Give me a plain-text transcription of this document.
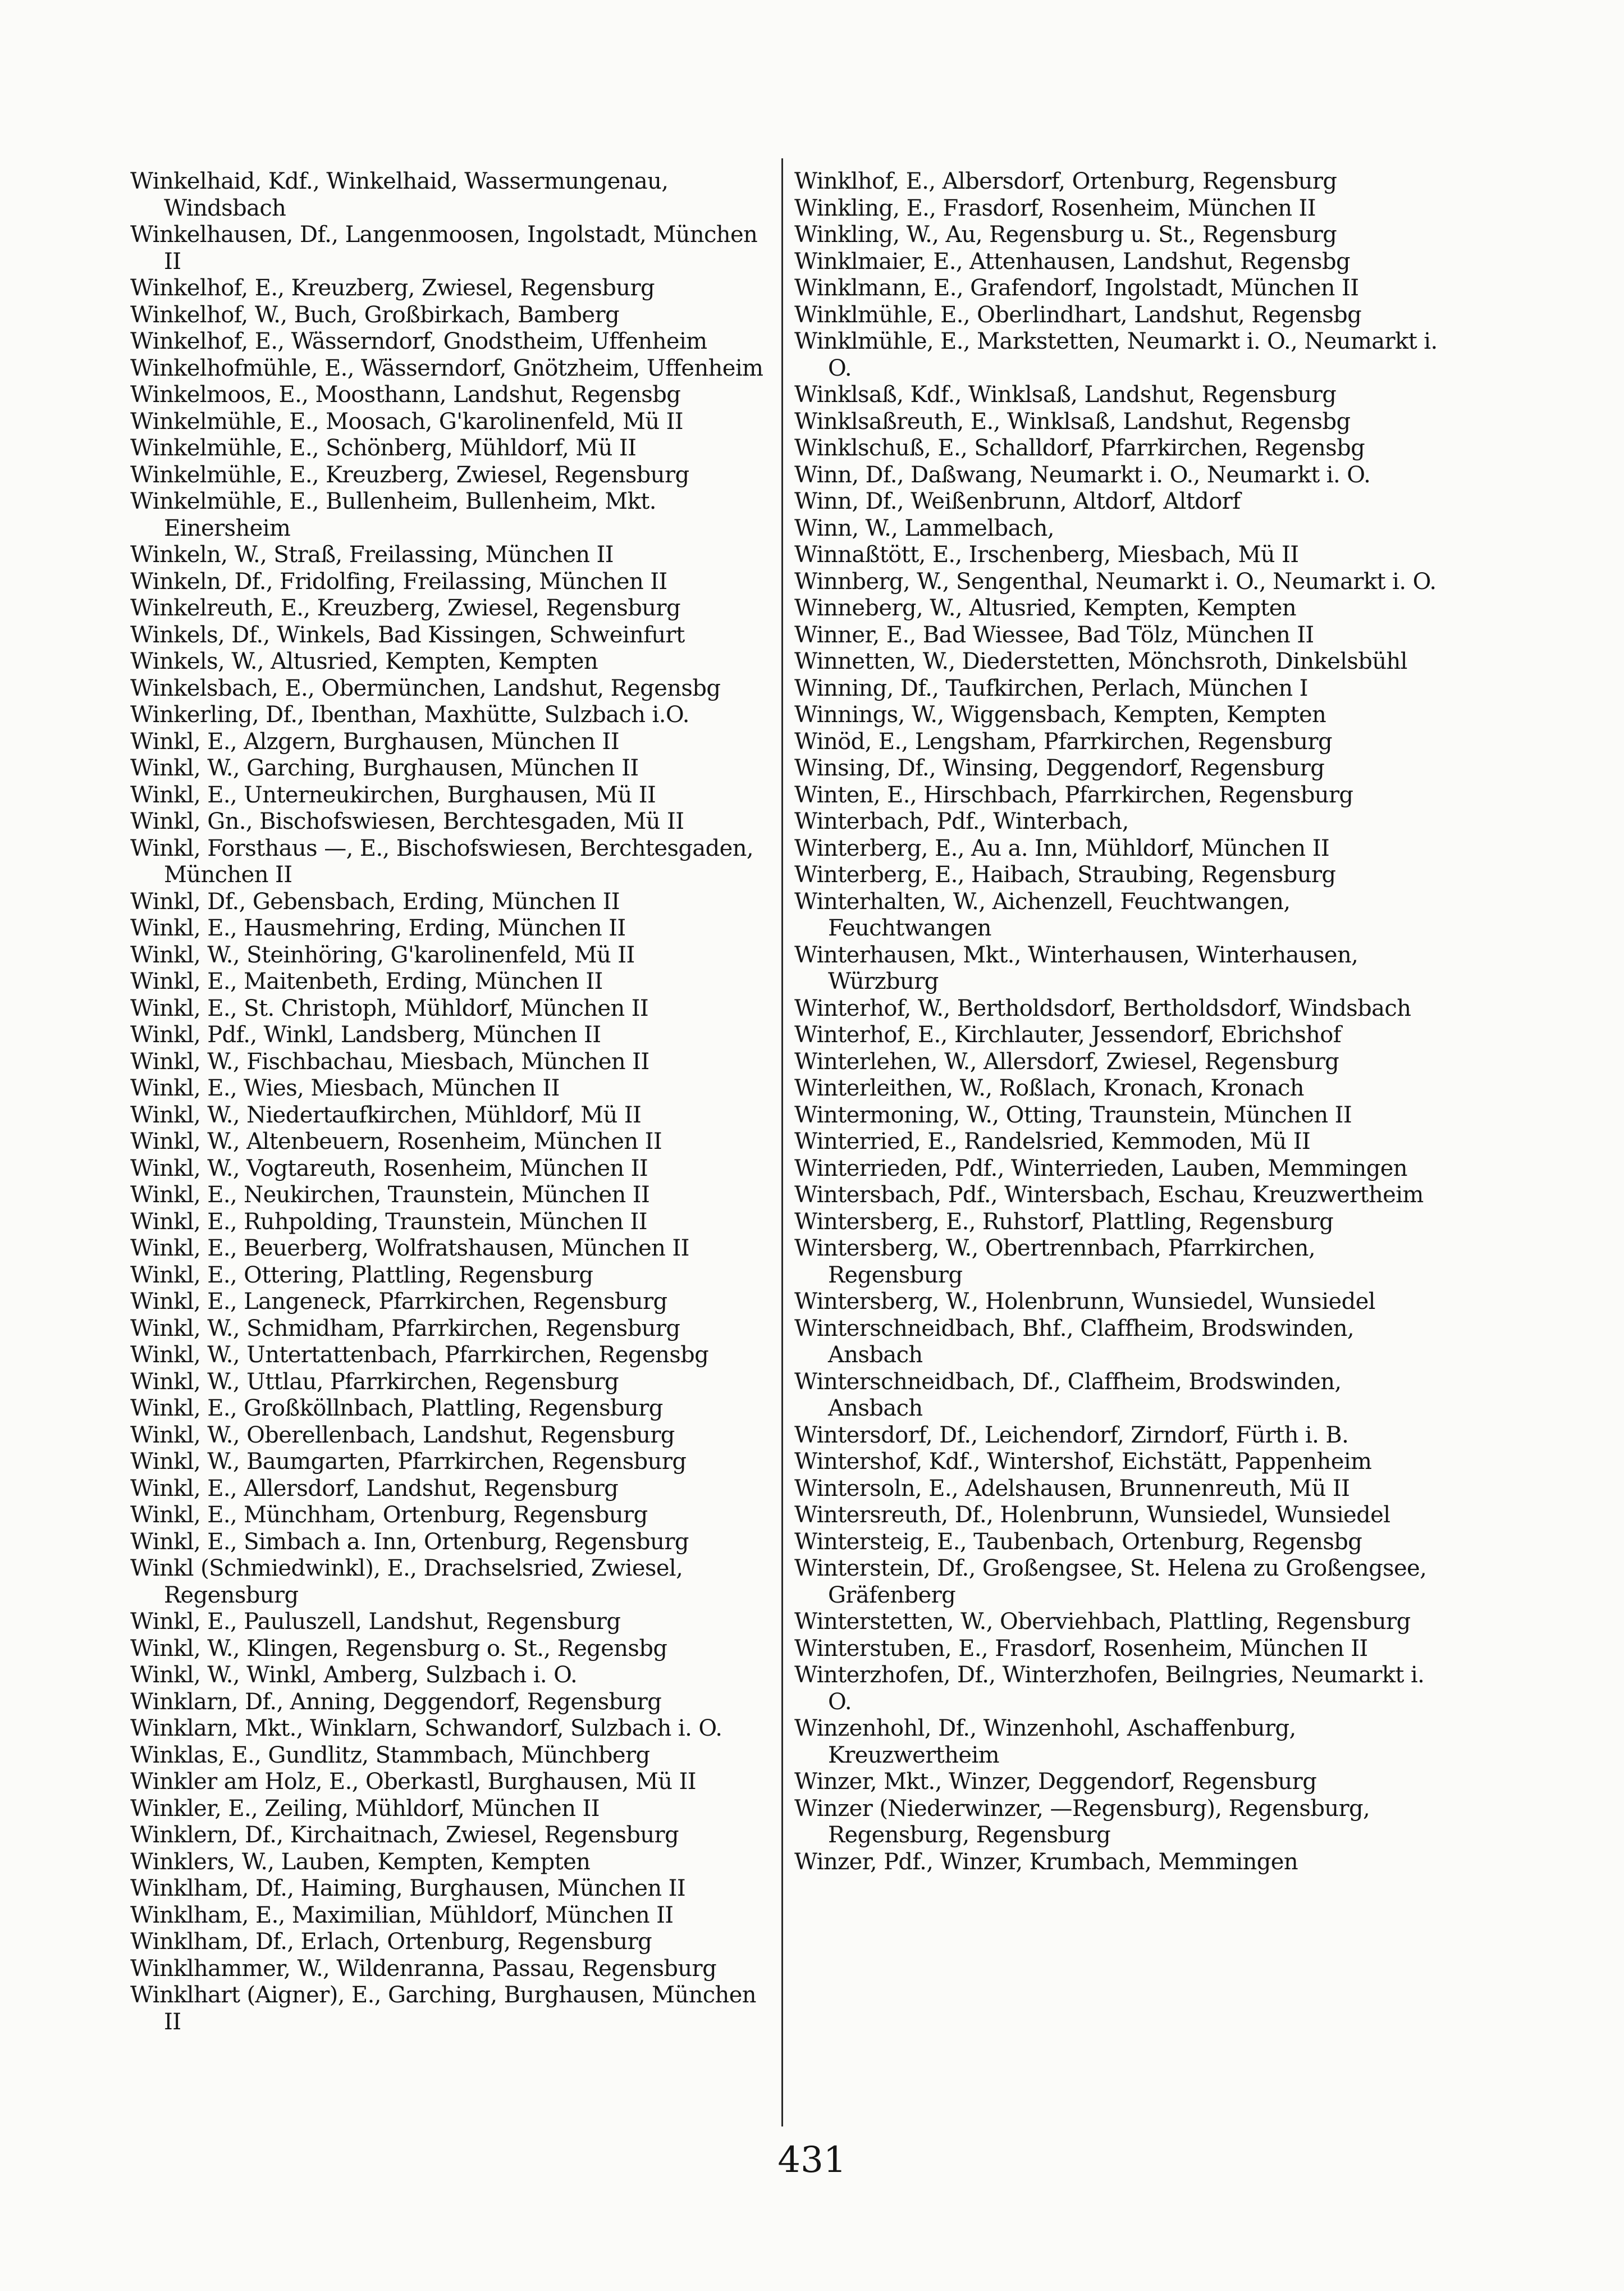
Winkelhaid, Kdf., Winkelhaid, Wassermungenau, Windsbach

Winkelhausen, Df., Langenmoosen, Ingolstadt, München II

Winkelhof, E., Kreuzberg, Zwiesel, Regensburg

Winkelhof, W., Buch, Großbirkach, Bamberg

Winkelhof, E., Wässerndorf, Gnodstheim, Uffenheim

Winkelhofmühle, E., Wässerndorf, Gnötzheim, Uffenheim

Winkelmoos, E., Moosthann, Landshut, Regensbg

Winkelmühle, E., Moosach, G'karolinenfeld, Mü II

Winkelmühle, E., Schönberg, Mühldorf, Mü II

Winkelmühle, E., Kreuzberg, Zwiesel, Regensburg

Winkelmühle, E., Bullenheim, Bullenheim, Mkt. Einersheim

Winkeln, W., Straß, Freilassing, München II

Winkeln, Df., Fridolfing, Freilassing, München II

Winkelreuth, E., Kreuzberg, Zwiesel, Regensburg

Winkels, Df., Winkels, Bad Kissingen, Schweinfurt

Winkels, W., Altusried, Kempten, Kempten

Winkelsbach, E., Obermünchen, Landshut, Regensbg

Winkerling, Df., Ibenthan, Maxhütte, Sulzbach i.O.

Winkl, E., Alzgern, Burghausen, München II

Winkl, W., Garching, Burghausen, München II

Winkl, E., Unterneukirchen, Burghausen, Mü II

Winkl, Gn., Bischofswiesen, Berchtesgaden, Mü II

Winkl, Forsthaus —, E., Bischofswiesen, Berchtesgaden, München II

Winkl, Df., Gebensbach, Erding, München II

Winkl, E., Hausmehring, Erding, München II

Winkl, W., Steinhöring, G'karolinenfeld, Mü II

Winkl, E., Maitenbeth, Erding, München II

Winkl, E., St. Christoph, Mühldorf, München II

Winkl, Pdf., Winkl, Landsberg, München II

Winkl, W., Fischbachau, Miesbach, München II

Winkl, E., Wies, Miesbach, München II

Winkl, W., Niedertaufkirchen, Mühldorf, Mü II

Winkl, W., Altenbeuern, Rosenheim, München II

Winkl, W., Vogtareuth, Rosenheim, München II

Winkl, E., Neukirchen, Traunstein, München II

Winkl, E., Ruhpolding, Traunstein, München II

Winkl, E., Beuerberg, Wolfratshausen, München II

Winkl, E., Ottering, Plattling, Regensburg

Winkl, E., Langeneck, Pfarrkirchen, Regensburg

Winkl, W., Schmidham, Pfarrkirchen, Regensburg

Winkl, W., Untertattenbach, Pfarrkirchen, Regensbg

Winkl, W., Uttlau, Pfarrkirchen, Regensburg

Winkl, E., Großköllnbach, Plattling, Regensburg

Winkl, W., Oberellenbach, Landshut, Regensburg

Winkl, W., Baumgarten, Pfarrkirchen, Regensburg

Winkl, E., Allersdorf, Landshut, Regensburg

Winkl, E., Münchham, Ortenburg, Regensburg

Winkl, E., Simbach a. Inn, Ortenburg, Regensburg

Winkl (Schmiedwinkl), E., Drachselsried, Zwiesel, Regensburg

Winkl, E., Pauluszell, Landshut, Regensburg

Winkl, W., Klingen, Regensburg o. St., Regensbg

Winkl, W., Winkl, Amberg, Sulzbach i. O.

Winklarn, Df., Anning, Deggendorf, Regensburg

Winklarn, Mkt., Winklarn, Schwandorf, Sulzbach i. O.

Winklas, E., Gundlitz, Stammbach, Münchberg

Winkler am Holz, E., Oberkastl, Burghausen, Mü II

Winkler, E., Zeiling, Mühldorf, München II

Winklern, Df., Kirchaitnach, Zwiesel, Regensburg

Winklers, W., Lauben, Kempten, Kempten

Winklham, Df., Haiming, Burghausen, München II

Winklham, E., Maximilian, Mühldorf, München II

Winklham, Df., Erlach, Ortenburg, Regensburg

Winklhammer, W., Wildenranna, Passau, Regensburg

Winklhart (Aigner), E., Garching, Burghausen, München II

Winklhof, E., Albersdorf, Ortenburg, Regensburg

Winkling, E., Frasdorf, Rosenheim, München II

Winkling, W., Au, Regensburg u. St., Regensburg

Winklmaier, E., Attenhausen, Landshut, Regensbg

Winklmann, E., Grafendorf, Ingolstadt, München II

Winklmühle, E., Oberlindhart, Landshut, Regensbg

Winklmühle, E., Markstetten, Neumarkt i. O., Neumarkt i. O.

Winklsaß, Kdf., Winklsaß, Landshut, Regensburg

Winklsaßreuth, E., Winklsaß, Landshut, Regensbg

Winklschuß, E., Schalldorf, Pfarrkirchen, Regensbg

Winn, Df., Daßwang, Neumarkt i. O., Neumarkt i. O.

Winn, Df., Weißenbrunn, Altdorf, Altdorf

Winn, W., Lammelbach,

Winnaßtött, E., Irschenberg, Miesbach, Mü II

Winnberg, W., Sengenthal, Neumarkt i. O., Neumarkt i. O.

Winneberg, W., Altusried, Kempten, Kempten

Winner, E., Bad Wiessee, Bad Tölz, München II

Winnetten, W., Diederstetten, Mönchsroth, Dinkelsbühl

Winning, Df., Taufkirchen, Perlach, München I

Winnings, W., Wiggensbach, Kempten, Kempten

Winöd, E., Lengsham, Pfarrkirchen, Regensburg

Winsing, Df., Winsing, Deggendorf, Regensburg

Winten, E., Hirschbach, Pfarrkirchen, Regensburg

Winterbach, Pdf., Winterbach,

Winterberg, E., Au a. Inn, Mühldorf, München II

Winterberg, E., Haibach, Straubing, Regensburg

Winterhalten, W., Aichenzell, Feuchtwangen, Feuchtwangen

Winterhausen, Mkt., Winterhausen, Winterhausen, Würzburg

Winterhof, W., Bertholdsdorf, Bertholdsdorf, Windsbach

Winterhof, E., Kirchlauter, Jessendorf, Ebrichshof

Winterlehen, W., Allersdorf, Zwiesel, Regensburg

Winterleithen, W., Roßlach, Kronach, Kronach

Wintermoning, W., Otting, Traunstein, München II

Winterried, E., Randelsried, Kemmoden, Mü II

Winterrieden, Pdf., Winterrieden, Lauben, Memmingen

Wintersbach, Pdf., Wintersbach, Eschau, Kreuzwertheim

Wintersberg, E., Ruhstorf, Plattling, Regensburg

Wintersberg, W., Obertrennbach, Pfarrkirchen, Regensburg

Wintersberg, W., Holenbrunn, Wunsiedel, Wunsiedel

Winterschneidbach, Bhf., Claffheim, Brodswinden, Ansbach

Winterschneidbach, Df., Claffheim, Brodswinden, Ansbach

Wintersdorf, Df., Leichendorf, Zirndorf, Fürth i. B.

Wintershof, Kdf., Wintershof, Eichstätt, Pappenheim

Wintersoln, E., Adelshausen, Brunnenreuth, Mü II

Wintersreuth, Df., Holenbrunn, Wunsiedel, Wunsiedel

Wintersteig, E., Taubenbach, Ortenburg, Regensbg

Winterstein, Df., Großengsee, St. Helena zu Großengsee, Gräfenberg

Winterstetten, W., Oberviehbach, Plattling, Regensburg

Winterstuben, E., Frasdorf, Rosenheim, München II

Winterzhofen, Df., Winterzhofen, Beilngries, Neumarkt i. O.

Winzenhohl, Df., Winzenhohl, Aschaffenburg, Kreuzwertheim

Winzer, Mkt., Winzer, Deggendorf, Regensburg

Winzer (Niederwinzer, —Regensburg), Regensburg, Regensburg, Regensburg

Winzer, Pdf., Winzer, Krumbach, Memmingen

431
